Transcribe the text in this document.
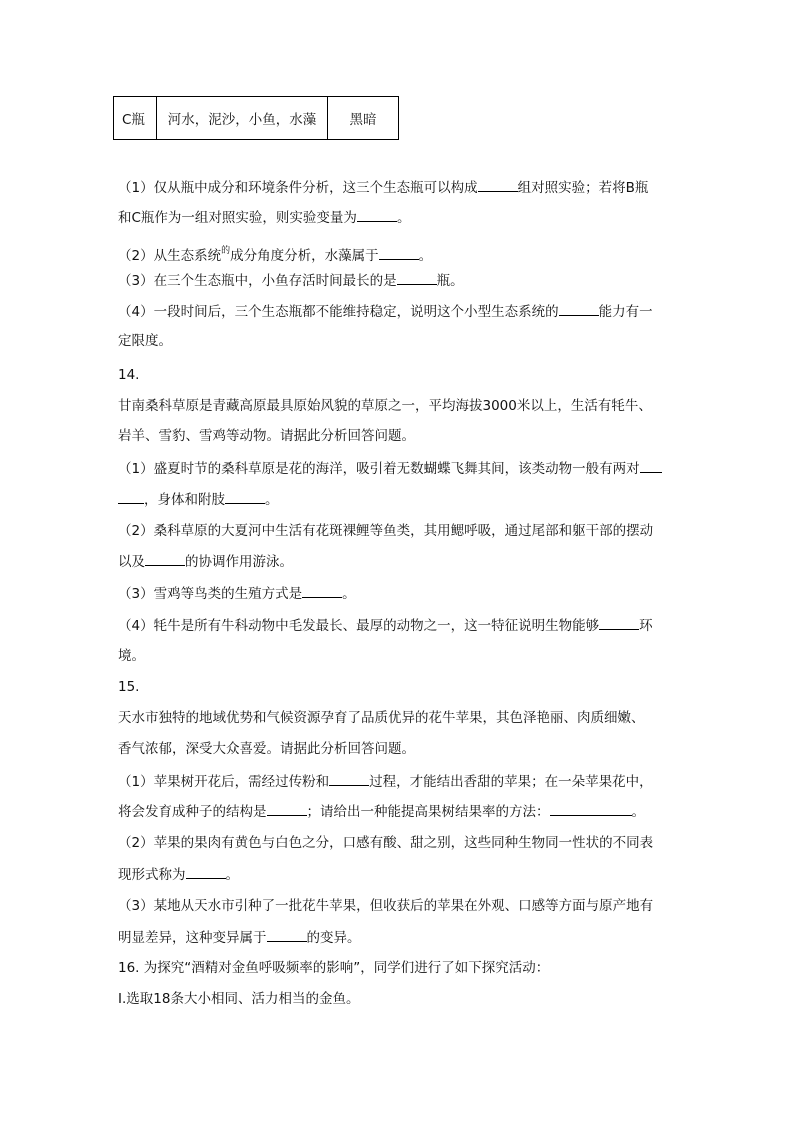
C瓶	河水，泥沙，小鱼，水藻	黑暗
（1）仅从瓶中成分和环境条件分析，这三个生态瓶可以构成	组对照实验；若将B瓶
和C瓶作为一组对照实验，则实验变量为	。
（2）从生态系统$^的$成分角度分析，水藻属于	。
（3）在三个生态瓶中，小鱼存活时间最长的是	瓶。
（4）一段时间后，三个生态瓶都不能维持稳定，说明这个小型生态系统的	能力有一
定限度。
14.
甘南桑科草原是青藏高原最具原始风貌的草原之一，平均海拔3000米以上，生活有牦牛、
岩羊、雪豹、雪鸡等动物。请据此分析回答问题。
（1）盛夏时节的桑科草原是花的海洋，吸引着无数蝴蝶飞舞其间，该类动物一般有两对
，身体和附肢	。
（2）桑科草原的大夏河中生活有花斑裸鲤等鱼类，其用鳃呼吸，通过尾部和躯干部的摆动
以及	的协调作用游泳。
（3）雪鸡等鸟类的生殖方式是	。
（4）牦牛是所有牛科动物中毛发最长、最厚的动物之一，这一特征说明生物能够	环
境。
15.
天水市独特的地域优势和气候资源孕育了品质优异的花牛苹果，其色泽艳丽、肉质细嫩、
香气浓郁，深受大众喜爱。请据此分析回答问题。
（1）苹果树开花后，需经过传粉和	过程，才能结出香甜的苹果；在一朵苹果花中，
将会发育成种子的结构是	；请给出一种能提高果树结果率的方法：	。
（2）苹果的果肉有黄色与白色之分，口感有酸、甜之别，这些同种生物同一性状的不同表
现形式称为	。
（3）某地从天水市引种了一批花牛苹果，但收获后的苹果在外观、口感等方面与原产地有
明显差异，这种变异属于	的变异。
16. 为探究“酒精对金鱼呼吸频率的影响”，同学们进行了如下探究活动：
Ⅰ.选取18条大小相同、活力相当的金鱼。
